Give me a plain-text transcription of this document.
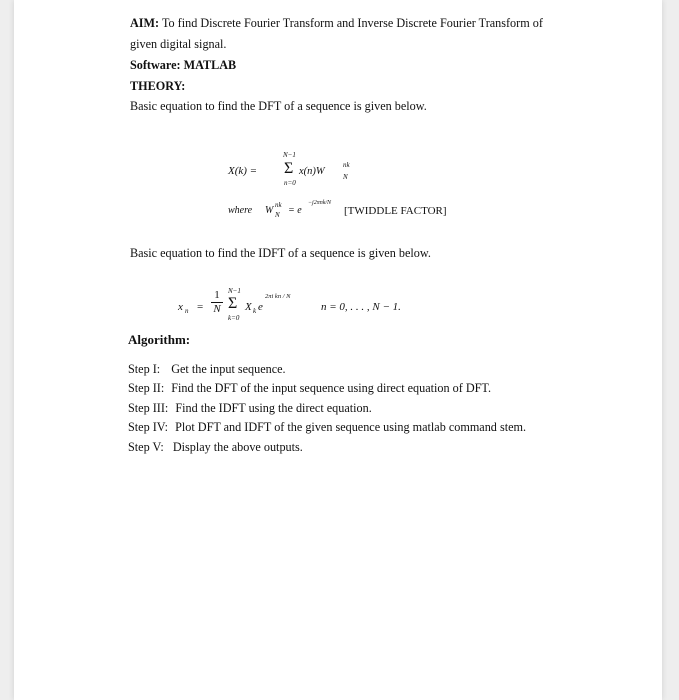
AIM: To find Discrete Fourier Transform and Inverse Discrete Fourier Transform of
given digital signal.
Software: MATLAB
THEORY:
Basic equation to find the DFT of a sequence is given below.
X(k) =
N−1
Σ
n=0
x(n)W
nk
N
where W nk
N = e
−j2πnk/N
[TWIDDLE FACTOR]
Basic equation to find the IDFT of a sequence is given below.
x n =
1
N
N−1
Σ
k=0
X k e
2πi kn / N
n = 0, . . . , N − 1.
Algorithm:
Step I: Get the input sequence.
Step II: Find the DFT of the input sequence using direct equation of DFT.
Step III: Find the IDFT using the direct equation.
Step IV: Plot DFT and IDFT of the given sequence using matlab command stem.
Step V: Display the above outputs.
